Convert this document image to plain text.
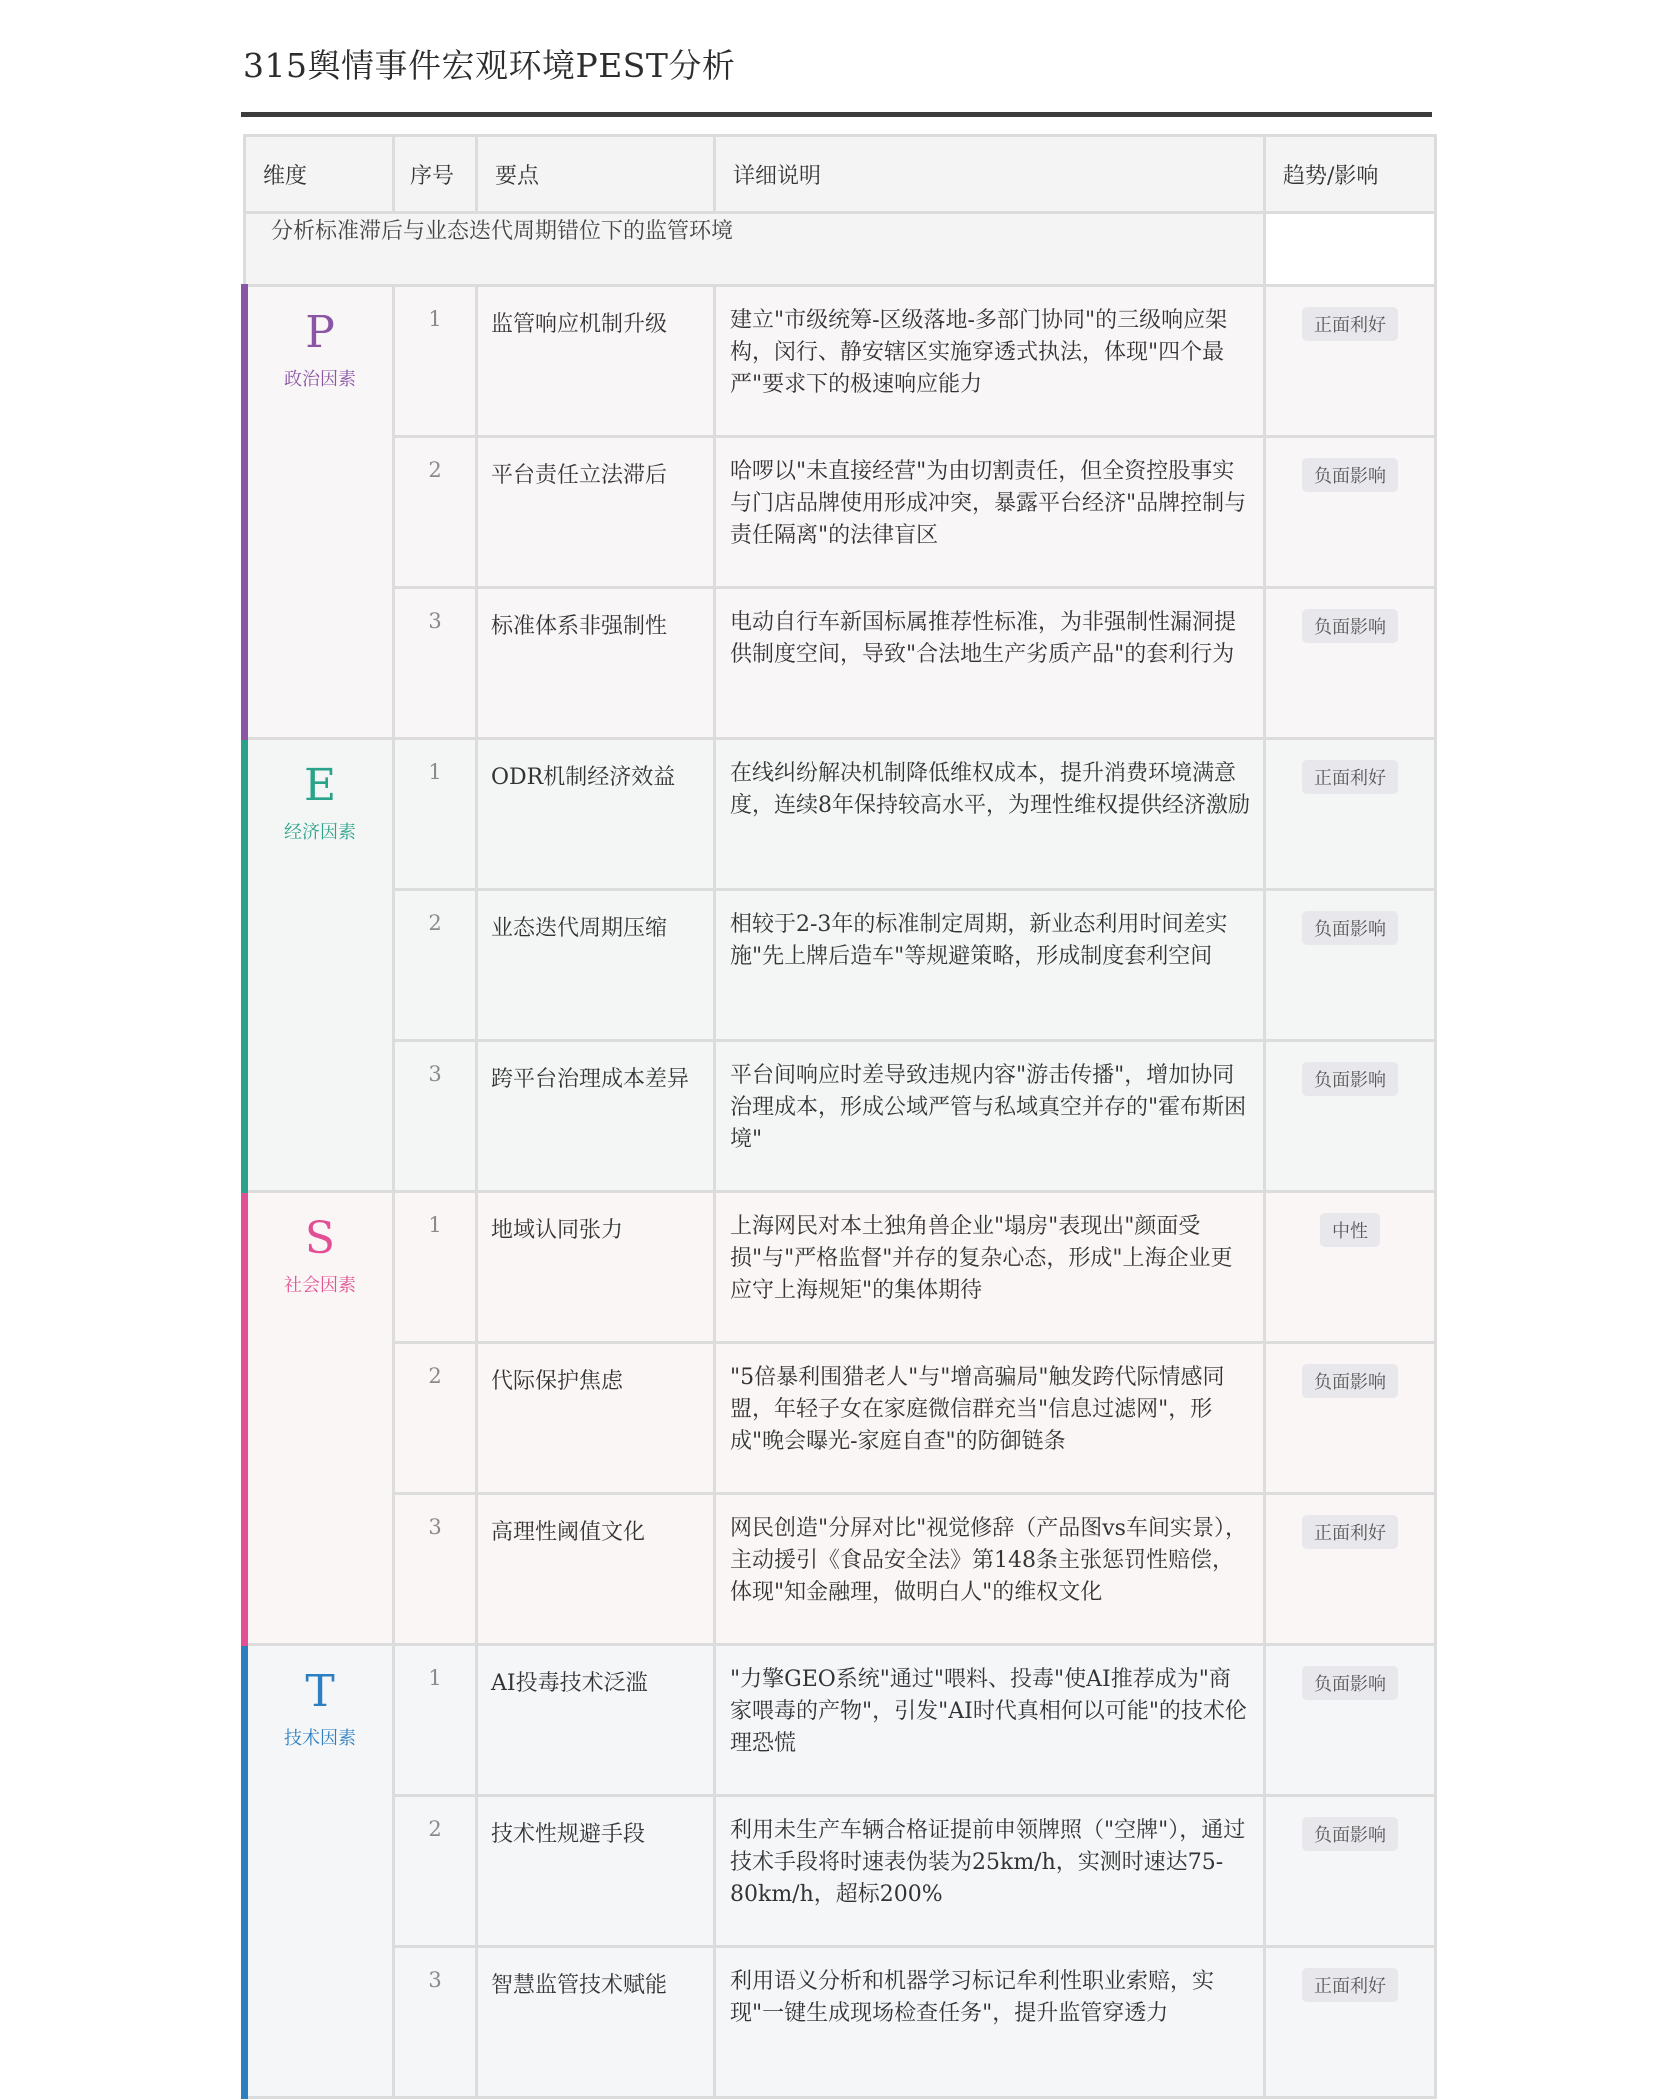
315舆情事件宏观环境PEST分析
维度	序号	要点	详细说明	趋势/影响
分析标准滞后与业态迭代周期错位下的监管环境				

P
政治因素	1	监管响应机制升级	建立"市级统筹-区级落地-多部门协同"的三级响应架构，闵行、静安辖区实施穿透式执法，体现"四个最严"要求下的极速响应能力	正面利好
	2	平台责任立法滞后	哈啰以"未直接经营"为由切割责任，但全资控股事实与门店品牌使用形成冲突，暴露平台经济"品牌控制与责任隔离"的法律盲区	负面影响
	3	标准体系非强制性	电动自行车新国标属推荐性标准，为非强制性漏洞提供制度空间，导致"合法地生产劣质产品"的套利行为	负面影响

E
经济因素	1	ODR机制经济效益	在线纠纷解决机制降低维权成本，提升消费环境满意度，连续8年保持较高水平，为理性维权提供经济激励	正面利好
	2	业态迭代周期压缩	相较于2-3年的标准制定周期，新业态利用时间差实施"先上牌后造车"等规避策略，形成制度套利空间	负面影响
	3	跨平台治理成本差异	平台间响应时差导致违规内容"游击传播"，增加协同治理成本，形成公域严管与私域真空并存的"霍布斯困境"	负面影响

S
社会因素	1	地域认同张力	上海网民对本土独角兽企业"塌房"表现出"颜面受损"与"严格监督"并存的复杂心态，形成"上海企业更应守上海规矩"的集体期待	中性
	2	代际保护焦虑	"5倍暴利围猎老人"与"增高骗局"触发跨代际情感同盟，年轻子女在家庭微信群充当"信息过滤网"，形成"晚会曝光-家庭自查"的防御链条	负面影响
	3	高理性阈值文化	网民创造"分屏对比"视觉修辞（产品图vs车间实景），主动援引《食品安全法》第148条主张惩罚性赔偿，体现"知金融理，做明白人"的维权文化	正面利好

T
技术因素	1	AI投毒技术泛滥	"力擎GEO系统"通过"喂料、投毒"使AI推荐成为"商家喂毒的产物"，引发"AI时代真相何以可能"的技术伦理恐慌	负面影响
	2	技术性规避手段	利用未生产车辆合格证提前申领牌照（"空牌"），通过技术手段将时速表伪装为25km/h，实测时速达75-80km/h，超标200%	负面影响
	3	智慧监管技术赋能	利用语义分析和机器学习标记牟利性职业索赔，实现"一键生成现场检查任务"，提升监管穿透力	正面利好
